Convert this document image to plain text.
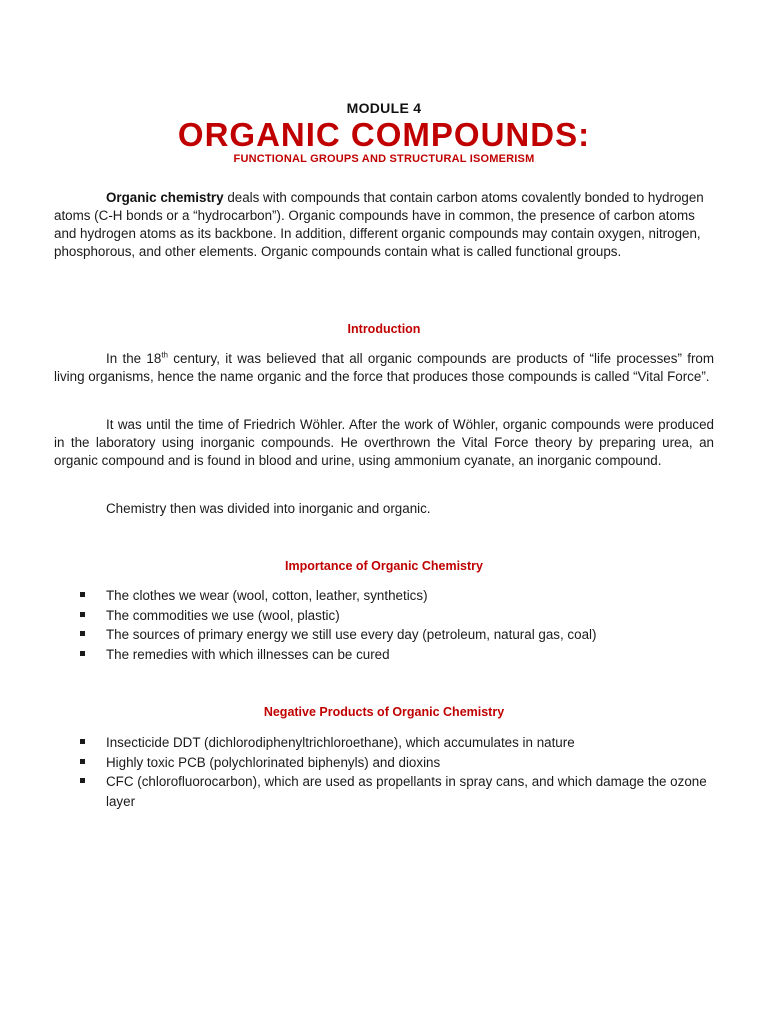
MODULE 4
ORGANIC COMPOUNDS:
FUNCTIONAL GROUPS AND STRUCTURAL ISOMERISM
Organic chemistry deals with compounds that contain carbon atoms covalently bonded to hydrogen atoms (C-H bonds or a “hydrocarbon”). Organic compounds have in common, the presence of carbon atoms and hydrogen atoms as its backbone. In addition, different organic compounds may contain oxygen, nitrogen, phosphorous, and other elements. Organic compounds contain what is called functional groups.
Introduction
In the 18th century, it was believed that all organic compounds are products of “life processes” from living organisms, hence the name organic and the force that produces those compounds is called “Vital Force”.
It was until the time of Friedrich Wöhler. After the work of Wöhler, organic compounds were produced in the laboratory using inorganic compounds. He overthrown the Vital Force theory by preparing urea, an organic compound and is found in blood and urine, using ammonium cyanate, an inorganic compound.
Chemistry then was divided into inorganic and organic.
Importance of Organic Chemistry
The clothes we wear (wool, cotton, leather, synthetics)
The commodities we use (wool, plastic)
The sources of primary energy we still use every day (petroleum, natural gas, coal)
The remedies with which illnesses can be cured
Negative Products of Organic Chemistry
Insecticide DDT (dichlorodiphenyltrichloroethane), which accumulates in nature
Highly toxic PCB (polychlorinated biphenyls) and dioxins
CFC (chlorofluorocarbon), which are used as propellants in spray cans, and which damage the ozone layer
